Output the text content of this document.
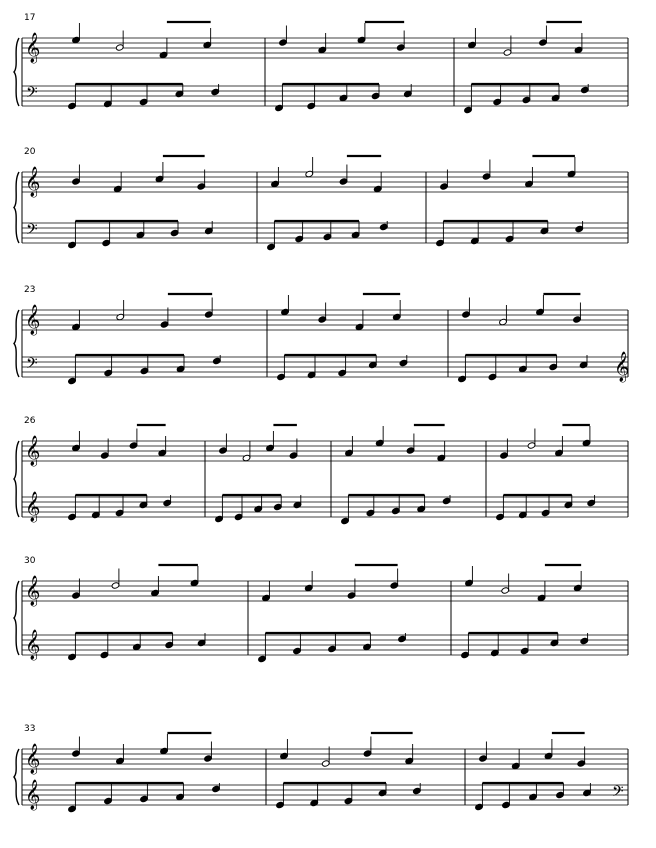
17
𝄞
𝄢
20
𝄞
𝄢
23
𝄞
𝄢	𝄞
26
𝄞
𝄞
30
𝄞
𝄞
33
𝄞
𝄞	𝄢
